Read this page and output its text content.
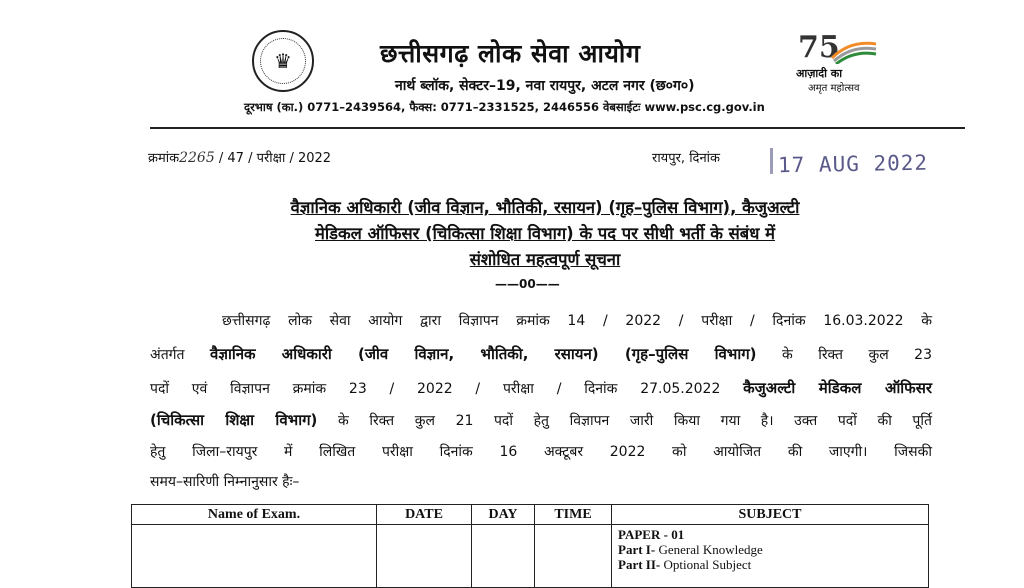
♛	छत्तीसगढ़ लोक सेवा आयोग
नार्थ ब्लॉक, सेक्टर–19, नवा रायपुर, अटल नगर (छ०ग०)
दूरभाष (का.) 0771–2439564, फैक्स: 0771–2331525, 2446556 वेबसाईटः www.psc.cg.gov.in
75
आज़ादी का
अमृत महोत्सव
क्रमांक2265 / 47 / परीक्षा / 2022	रायपुर, दिनांक	17 AUG 2022
वैज्ञानिक अधिकारी (जीव विज्ञान, भौतिकी, रसायन) (गृह–पुलिस विभाग), कैजुअल्टी
मेडिकल ऑफिसर (चिकित्सा शिक्षा विभाग) के पद पर सीधी भर्ती के संबंध में
संशोधित महत्वपूर्ण सूचना
——00——
छत्तीसगढ़ लोक सेवा आयोग द्वारा विज्ञापन क्रमांक 14 / 2022 / परीक्षा / दिनांक 16.03.2022 के
अंतर्गत वैज्ञानिक अधिकारी (जीव विज्ञान, भौतिकी, रसायन) (गृह–पुलिस विभाग) के रिक्त कुल 23
पदों एवं विज्ञापन क्रमांक 23 / 2022 / परीक्षा / दिनांक 27.05.2022 कैजुअल्टी मेडिकल ऑफिसर
(चिकित्सा शिक्षा विभाग) के रिक्त कुल 21 पदों हेतु विज्ञापन जारी किया गया है। उक्त पदों की पूर्ति
हेतु जिला–रायपुर में लिखित परीक्षा दिनांक 16 अक्टूबर 2022 को आयोजित की जाएगी। जिसकी
समय–सारिणी निम्नानुसार हैः–
Name of Exam.	DATE	DAY	TIME	SUBJECT

				PAPER - 01
Part I- General Knowledge
Part II- Optional Subject
